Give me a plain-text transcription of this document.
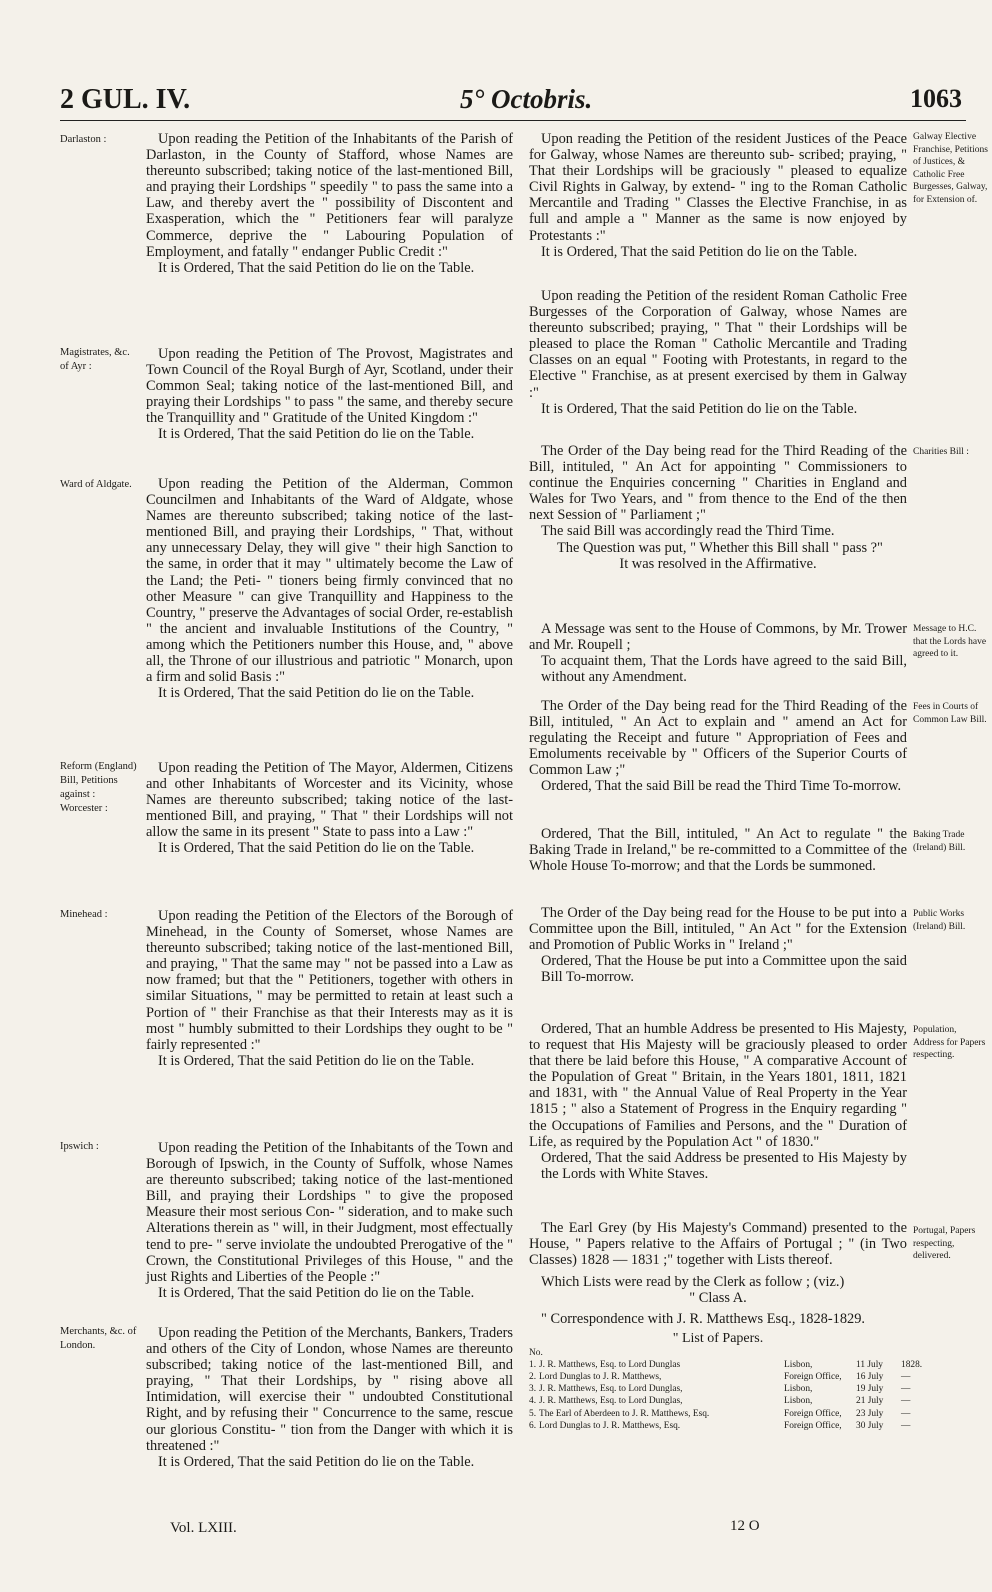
2 GUL. IV.	5° Octobris.	1063
Darlaston :
Magistrates, &c. of Ayr :
Ward of Aldgate.
Reform (England) Bill, Petitions against : Worcester :
Minehead :
Ipswich :
Merchants, &c. of London.
Galway Elective Franchise, Petitions of Justices, & Catholic Free Burgesses, Galway, for Extension of.
Charities Bill :
Message to H.C. that the Lords have agreed to it.
Fees in Courts of Common Law Bill.
Baking Trade (Ireland) Bill.
Public Works (Ireland) Bill.
Population, Address for Papers respecting.
Portugal, Papers respecting, delivered.

Upon reading the Petition of the Inhabitants of the Parish of Darlaston, in the County of Stafford, whose Names are thereunto subscribed; taking notice of the last-mentioned Bill, and praying their Lordships " speedily " to pass the same into a Law, and thereby avert the " possibility of Discontent and Exasperation, which the " Petitioners fear will paralyze Commerce, deprive the " Labouring Population of Employment, and fatally " endanger Public Credit :"

It is Ordered, That the said Petition do lie on the Table.

Upon reading the Petition of The Provost, Magistrates and Town Council of the Royal Burgh of Ayr, Scotland, under their Common Seal; taking notice of the last-mentioned Bill, and praying their Lordships " to pass " the same, and thereby secure the Tranquillity and " Gratitude of the United Kingdom :"

It is Ordered, That the said Petition do lie on the Table.

Upon reading the Petition of the Alderman, Common Councilmen and Inhabitants of the Ward of Aldgate, whose Names are thereunto subscribed; taking notice of the last-mentioned Bill, and praying their Lordships, " That, without any unnecessary Delay, they will give " their high Sanction to the same, in order that it may " ultimately become the Law of the Land; the Peti- " tioners being firmly convinced that no other Measure " can give Tranquillity and Happiness to the Country, " preserve the Advantages of social Order, re-establish " the ancient and invaluable Institutions of the Country, " among which the Petitioners number this House, and, " above all, the Throne of our illustrious and patriotic " Monarch, upon a firm and solid Basis :"

It is Ordered, That the said Petition do lie on the Table.

Upon reading the Petition of The Mayor, Aldermen, Citizens and other Inhabitants of Worcester and its Vicinity, whose Names are thereunto subscribed; taking notice of the last-mentioned Bill, and praying, " That " their Lordships will not allow the same in its present " State to pass into a Law :"

It is Ordered, That the said Petition do lie on the Table.

Upon reading the Petition of the Electors of the Borough of Minehead, in the County of Somerset, whose Names are thereunto subscribed; taking notice of the last-mentioned Bill, and praying, " That the same may " not be passed into a Law as now framed; but that the " Petitioners, together with others in similar Situations, " may be permitted to retain at least such a Portion of " their Franchise as that their Interests may as it is most " humbly submitted to their Lordships they ought to be " fairly represented :"

It is Ordered, That the said Petition do lie on the Table.

Upon reading the Petition of the Inhabitants of the Town and Borough of Ipswich, in the County of Suffolk, whose Names are thereunto subscribed; taking notice of the last-mentioned Bill, and praying their Lordships " to give the proposed Measure their most serious Con- " sideration, and to make such Alterations therein as " will, in their Judgment, most effectually tend to pre- " serve inviolate the undoubted Prerogative of the " Crown, the Constitutional Privileges of this House, " and the just Rights and Liberties of the People :"

It is Ordered, That the said Petition do lie on the Table.

Upon reading the Petition of the Merchants, Bankers, Traders and others of the City of London, whose Names are thereunto subscribed; taking notice of the last-mentioned Bill, and praying, " That their Lordships, by " rising above all Intimidation, will exercise their " undoubted Constitutional Right, and by refusing their " Concurrence to the same, rescue our glorious Constitu- " tion from the Danger with which it is threatened :"

It is Ordered, That the said Petition do lie on the Table.

Upon reading the Petition of the resident Justices of the Peace for Galway, whose Names are thereunto sub- scribed; praying, " That their Lordships will be graciously " pleased to equalize Civil Rights in Galway, by extend- " ing to the Roman Catholic Mercantile and Trading " Classes the Elective Franchise, in as full and ample a " Manner as the same is now enjoyed by Protestants :"

It is Ordered, That the said Petition do lie on the Table.

Upon reading the Petition of the resident Roman Catholic Free Burgesses of the Corporation of Galway, whose Names are thereunto subscribed; praying, " That " their Lordships will be pleased to place the Roman " Catholic Mercantile and Trading Classes on an equal " Footing with Protestants, in regard to the Elective " Franchise, as at present exercised by them in Galway :"

It is Ordered, That the said Petition do lie on the Table.

The Order of the Day being read for the Third Reading of the Bill, intituled, " An Act for appointing " Commissioners to continue the Enquiries concerning " Charities in England and Wales for Two Years, and " from thence to the End of the then next Session of " Parliament ;"

The said Bill was accordingly read the Third Time.

The Question was put, " Whether this Bill shall " pass ?"

It was resolved in the Affirmative.

A Message was sent to the House of Commons, by Mr. Trower and Mr. Roupell ;

To acquaint them, That the Lords have agreed to the said Bill, without any Amendment.

The Order of the Day being read for the Third Reading of the Bill, intituled, " An Act to explain and " amend an Act for regulating the Receipt and future " Appropriation of Fees and Emoluments receivable by " Officers of the Superior Courts of Common Law ;"

Ordered, That the said Bill be read the Third Time To-morrow.

Ordered, That the Bill, intituled, " An Act to regulate " the Baking Trade in Ireland," be re-committed to a Committee of the Whole House To-morrow; and that the Lords be summoned.

The Order of the Day being read for the House to be put into a Committee upon the Bill, intituled, " An Act " for the Extension and Promotion of Public Works in " Ireland ;"

Ordered, That the House be put into a Committee upon the said Bill To-morrow.

Ordered, That an humble Address be presented to His Majesty, to request that His Majesty will be graciously pleased to order that there be laid before this House, " A comparative Account of the Population of Great " Britain, in the Years 1801, 1811, 1821 and 1831, with " the Annual Value of Real Property in the Year 1815 ; " also a Statement of Progress in the Enquiry regarding " the Occupations of Families and Persons, and the " Duration of Life, as required by the Population Act " of 1830."

Ordered, That the said Address be presented to His Majesty by the Lords with White Staves.

The Earl Grey (by His Majesty's Command) presented to the House, " Papers relative to the Affairs of Portugal ; " (in Two Classes) 1828 — 1831 ;" together with Lists thereof.

Which Lists were read by the Clerk as follow ; (viz.)

" Class A.

" Correspondence with J. R. Matthews Esq., 1828-1829.

" List of Papers.

No.
1. J. R. Matthews, Esq. to Lord Dunglas	Lisbon,	11 July 1828.
2. Lord Dunglas to J. R. Matthews,	Foreign Office, 16 July —
3. J. R. Matthews, Esq. to Lord Dunglas,	Lisbon,	19 July —
4. J. R. Matthews, Esq. to Lord Dunglas,	Lisbon,	21 July —
5. The Earl of Aberdeen to J. R. Matthews, Esq.	Foreign Office, 23 July —
6. Lord Dunglas to J. R. Matthews, Esq.	Foreign Office, 30 July —
Vol. LXIII.	12 O
